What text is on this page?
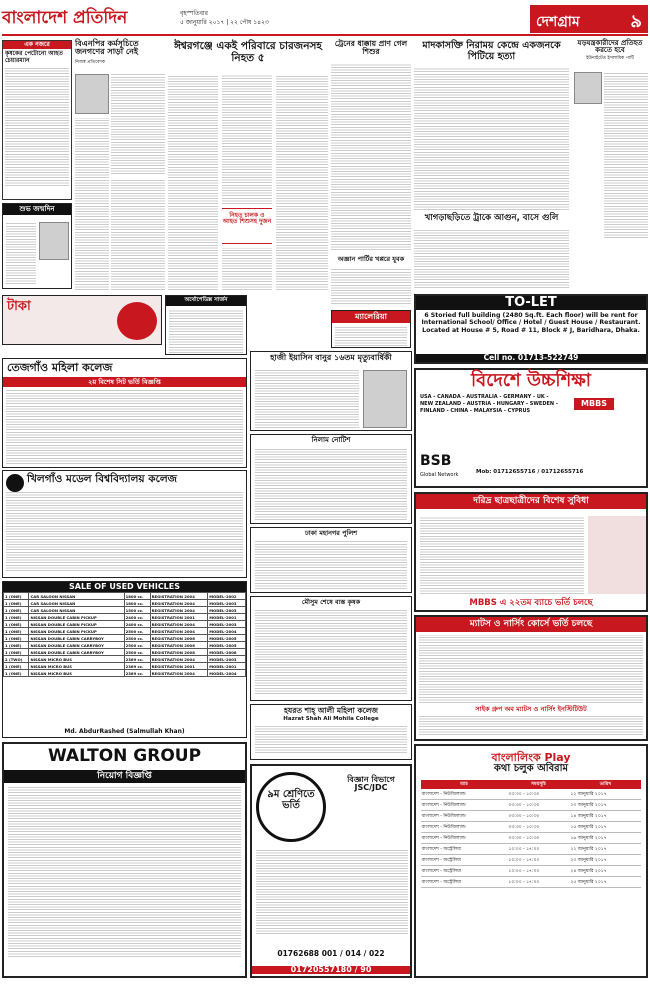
বাংলাদেশ প্রতিদিন	বৃহস্পতিবার
৫ জানুয়ারি ২০১৭ | ২২ পৌষ ১৪২৩	দেশগ্রাম	৯
এক নজরে
কৃষকের পেটোনো আহত চেয়ারম্যান
শুভ জন্মদিন
বিএনপির কর্মসূচিতে জনগণের সাড়া নেই
নিজস্ব প্রতিবেদক
ঈশ্বরগঞ্জে একই পরিবারে চারজনসহ নিহত ৫
নিহত চালক ও আহত শিশুসহ দুজন
ট্রেনের ধাক্কায় প্রাণ গেল শিশুর
অজ্ঞান পার্টির খপ্পরে যুবক
মাদকাসক্তি নিরাময় কেন্দ্রে একজনকে পিটিয়ে হত্যা
যড়যন্ত্রকারীদের প্রতিহত করতে হবে
ইউনাইটেড ইসলামিক পার্টি
খাগড়াছড়িতে ট্রাকে আগুন, বাসে গুলি
টাকা	অর্থোপেডিক্স সার্জন
ম্যালেরিয়া
TO-LET
6 Storied full building (2480 Sq.ft. Each floor) will be rent for International School/ Office / Hotel / Guest House / Restaurant. Located at House # 5, Road # 11, Block # J, Baridhara, Dhaka.
Cell no. 01713-522749
তেজগাঁও মহিলা কলেজ
২য় বিশেষ সিট ভর্তি বিজ্ঞপ্তি
হাজী ইয়াসিন বানুর ১৬তম মৃত্যুবার্ষিকী
বিদেশে উচ্চশিক্ষা
USA - CANADA - AUSTRALIA - GERMANY - UK - NEW ZEALAND - AUSTRIA - HUNGARY - SWEDEN - FINLAND - CHINA - MALAYSIA - CYPRUS
MBBS
BSB
Global Network	Mob: 01712655716 / 01712655716
নিলাম নোটিশ
খিলগাঁও মডেল বিশ্ববিদ্যালয় কলেজ
দরিদ্র ছাত্রছাত্রীদের বিশেষ সুবিধা
MBBS এ ২২তম ব্যাচে ভর্তি চলছে
ঢাকা মহানগর পুলিশ
মৌসুম শেষে ব্যস্ত কৃষক
SALE OF USED VEHICLES
1 (ONE)	CAR SALOON NISSAN	1800 cc.	REGISTRATION 2004	MODEL-2002
1 (ONE)	CAR SALOON NISSAN	1800 cc.	REGISTRATION 2004	MODEL-2003
1 (ONE)	CAR SALOON NISSAN	1500 cc.	REGISTRATION 2004	MODEL-2003
1 (ONE)	NISSAN DOUBLE CABIN PICKUP	2400 cc.	REGISTRATION 2001	MODEL-2001
1 (ONE)	NISSAN DOUBLE CABIN PICKUP	2400 cc.	REGISTRATION 2004	MODEL-2003
1 (ONE)	NISSAN DOUBLE CABIN PICKUP	2500 cc.	REGISTRATION 2004	MODEL-2004
1 (ONE)	NISSAN DOUBLE CABIN CARRYBOY	2500 cc.	REGISTRATION 2006	MODEL-2005
1 (ONE)	NISSAN DOUBLE CABIN CARRYBOY	2500 cc.	REGISTRATION 2006	MODEL-2005
1 (ONE)	NISSAN DOUBLE CABIN CARRYBOY	2500 cc.	REGISTRATION 2008	MODEL-2008
2 (TWO)	NISSAN MICRO BUS	2369 cc.	REGISTRATION 2004	MODEL-2003
1 (ONE)	NISSAN MICRO BUS	2369 cc.	REGISTRATION 2001	MODEL-2001
1 (ONE)	NISSAN MICRO BUS	2369 cc.	REGISTRATION 2004	MODEL-2004
Md. AbdurRashed (Salmullah Khan)
ম্যাটস ও নার্সিং কোর্সে ভর্তি চলছে
সাইক গ্রুপ অব ম্যাটস ও নার্সিং ইনস্টিটিউট
হযরত শাহ্ আলী মহিলা কলেজ
Hazrat Shah Ali Mohila College
WALTON GROUP
নিয়োগ বিজ্ঞপ্তি
৯ম শ্রেণিতে ভর্তি
বিজ্ঞান বিভাগে JSC/JDC
01762688 001 / 014 / 022
01720557180 / 90
বাংলালিংক Play
কথা চলুক অবিরাম
ম্যাচ	সময়সূচি	তারিখ
বাংলাদেশ - নিউজিল্যান্ড	০৩:৩০ - ১০:৩০	১২ জানুয়ারি ২০১৭
বাংলাদেশ - নিউজিল্যান্ড	০৩:৩০ - ১০:৩০	১৩ জানুয়ারি ২০১৭
বাংলাদেশ - নিউজিল্যান্ড	০৩:৩০ - ১০:৩০	১৪ জানুয়ারি ২০১৭
বাংলাদেশ - নিউজিল্যান্ড	০৩:৩০ - ১০:৩০	১৫ জানুয়ারি ২০১৭
বাংলাদেশ - নিউজিল্যান্ড	০৩:৩০ - ১০:৩০	১৬ জানুয়ারি ২০১৭
বাংলাদেশ - অস্ট্রেলিয়া	১০:০০ - ১৭:০০	২২ জানুয়ারি ২০১৭
বাংলাদেশ - অস্ট্রেলিয়া	১০:০০ - ১৭:০০	২৩ জানুয়ারি ২০১৭
বাংলাদেশ - অস্ট্রেলিয়া	১০:০০ - ১৭:০০	২৪ জানুয়ারি ২০১৭
বাংলাদেশ - অস্ট্রেলিয়া	১০:০০ - ১৭:০০	২৫ জানুয়ারি ২০১৭
